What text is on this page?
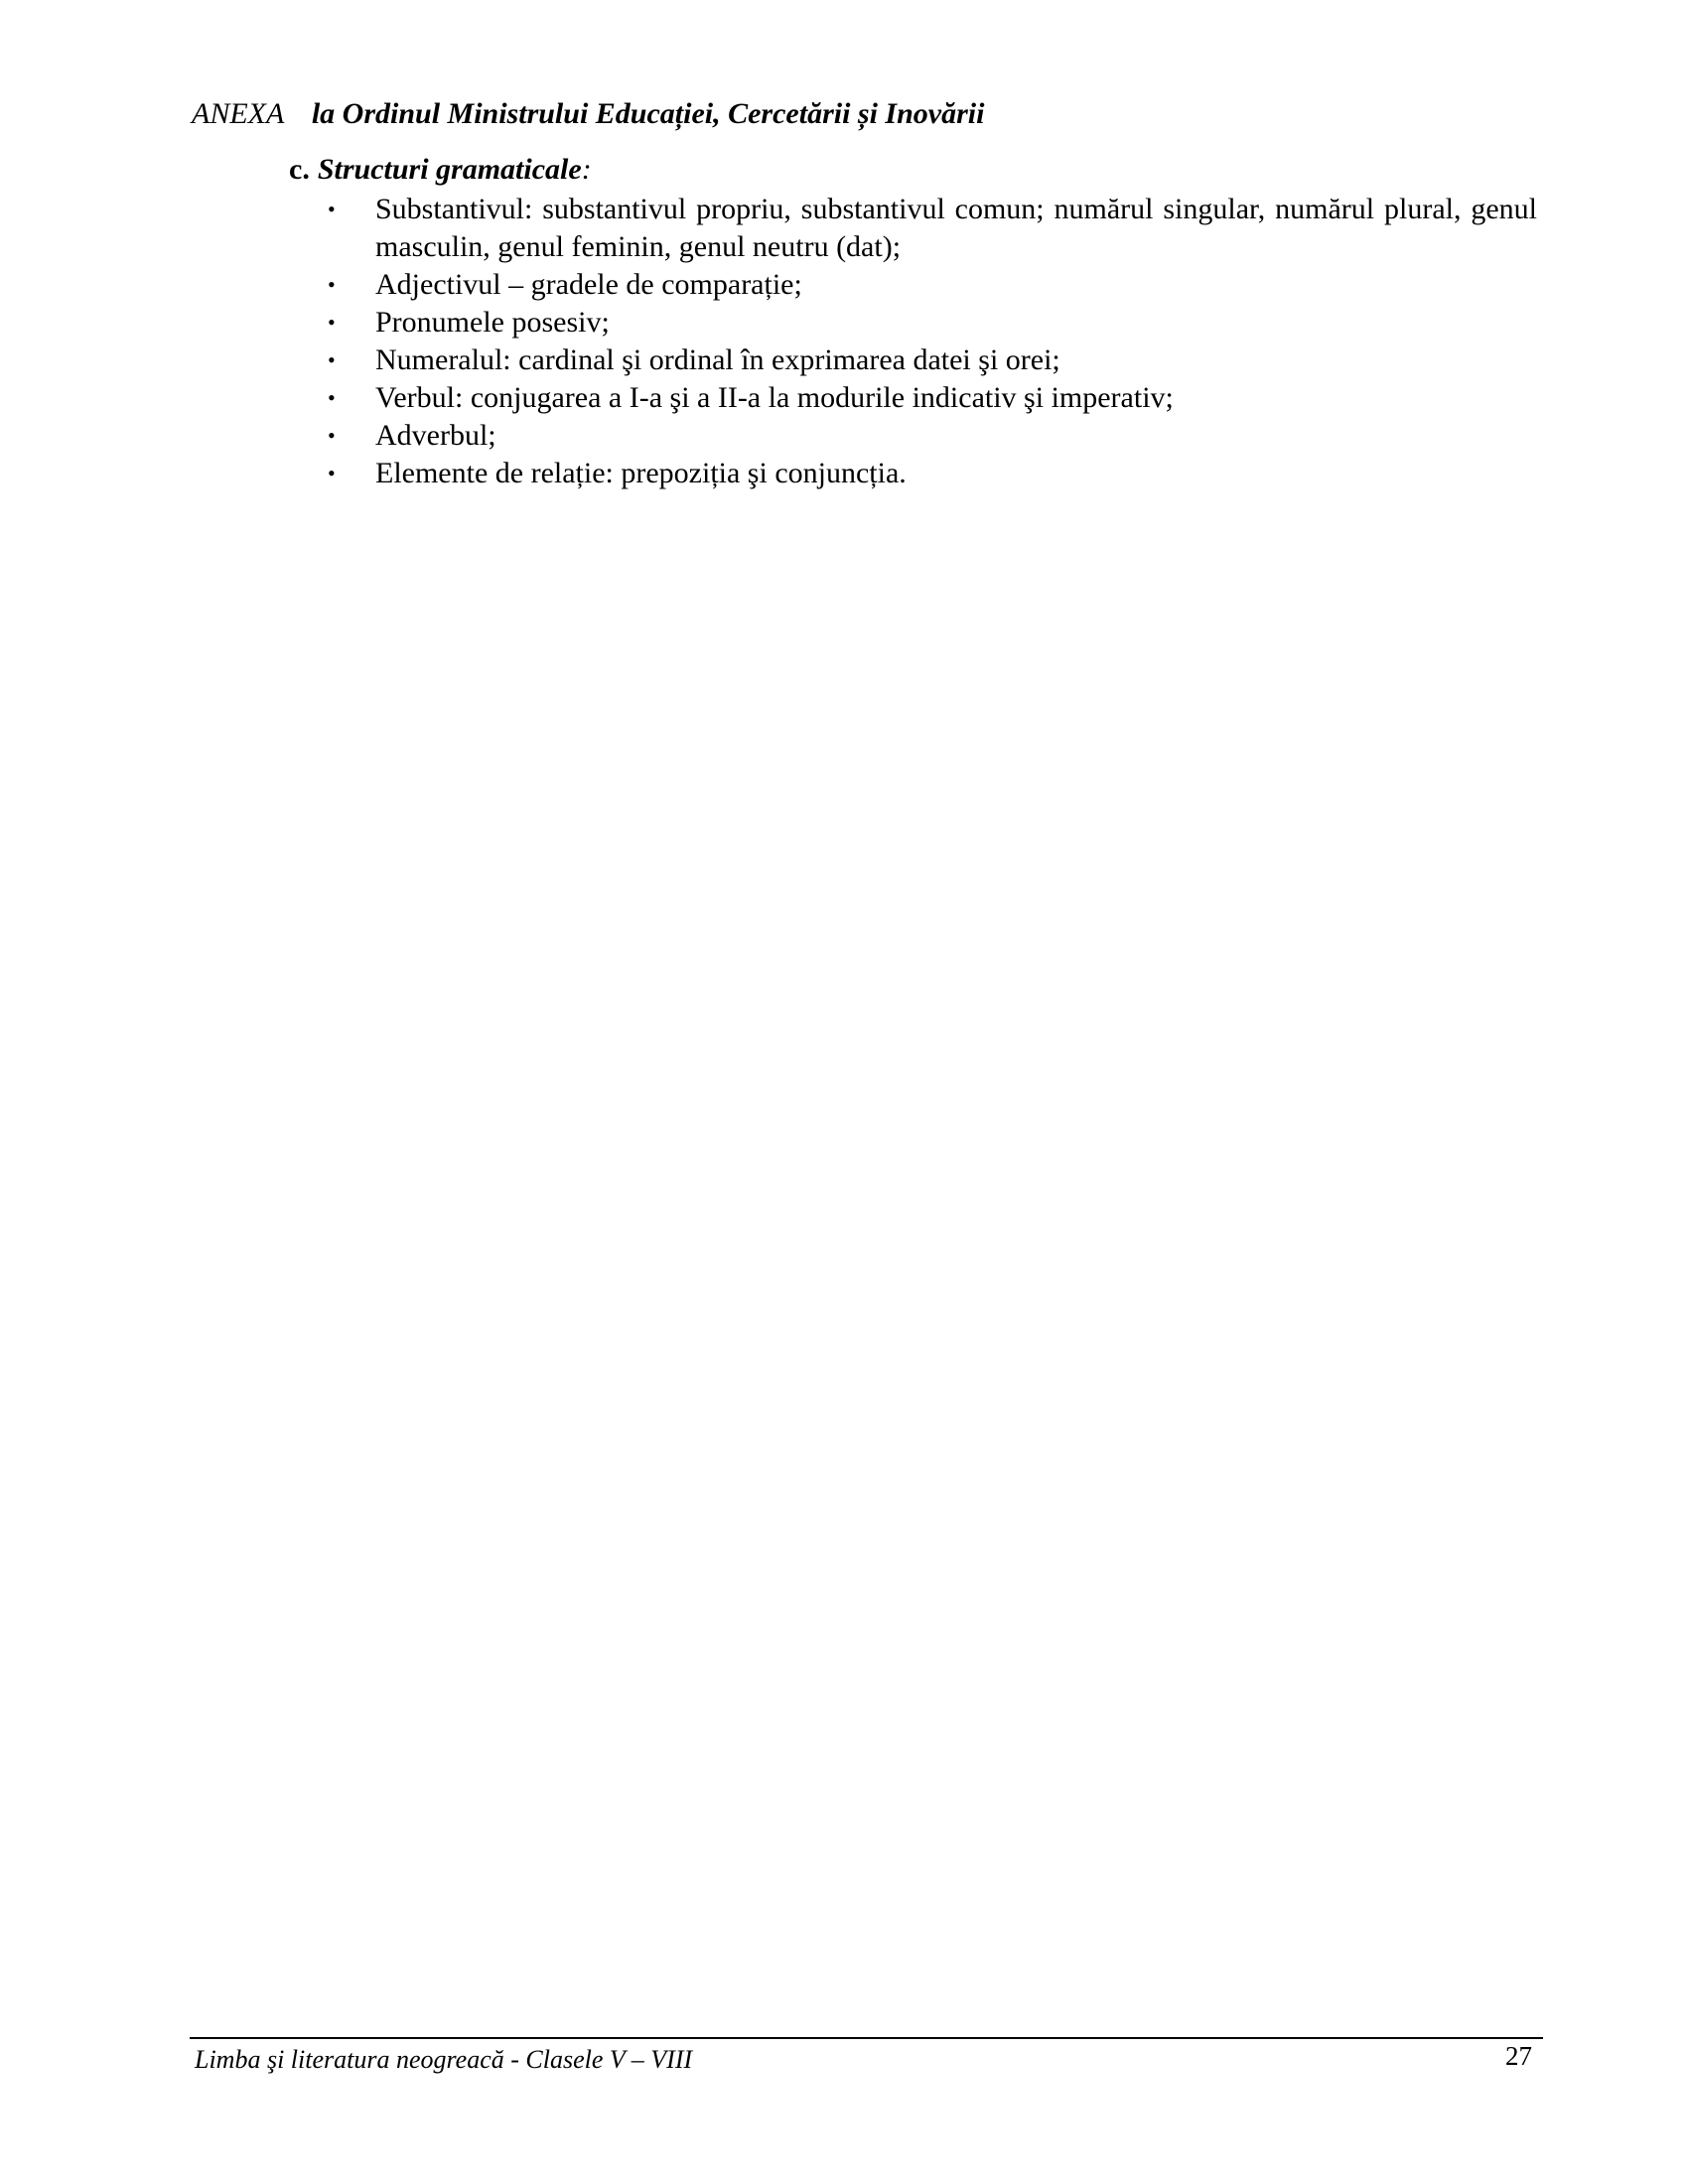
ANEXA la Ordinul Ministrului Educației, Cercetării și Inovării
c. Structuri gramaticale:
• Substantivul: substantivul propriu, substantivul comun; numărul singular, numărul plural, genul masculin, genul feminin, genul neutru (dat);
• Adjectivul – gradele de comparație;
• Pronumele posesiv;
• Numeralul: cardinal şi ordinal în exprimarea datei şi orei;
• Verbul: conjugarea a I-a şi a II-a la modurile indicativ şi imperativ;
• Adverbul;
• Elemente de relație: prepoziția şi conjuncția.
Limba şi literatura neogreacă - Clasele V – VIII	27
